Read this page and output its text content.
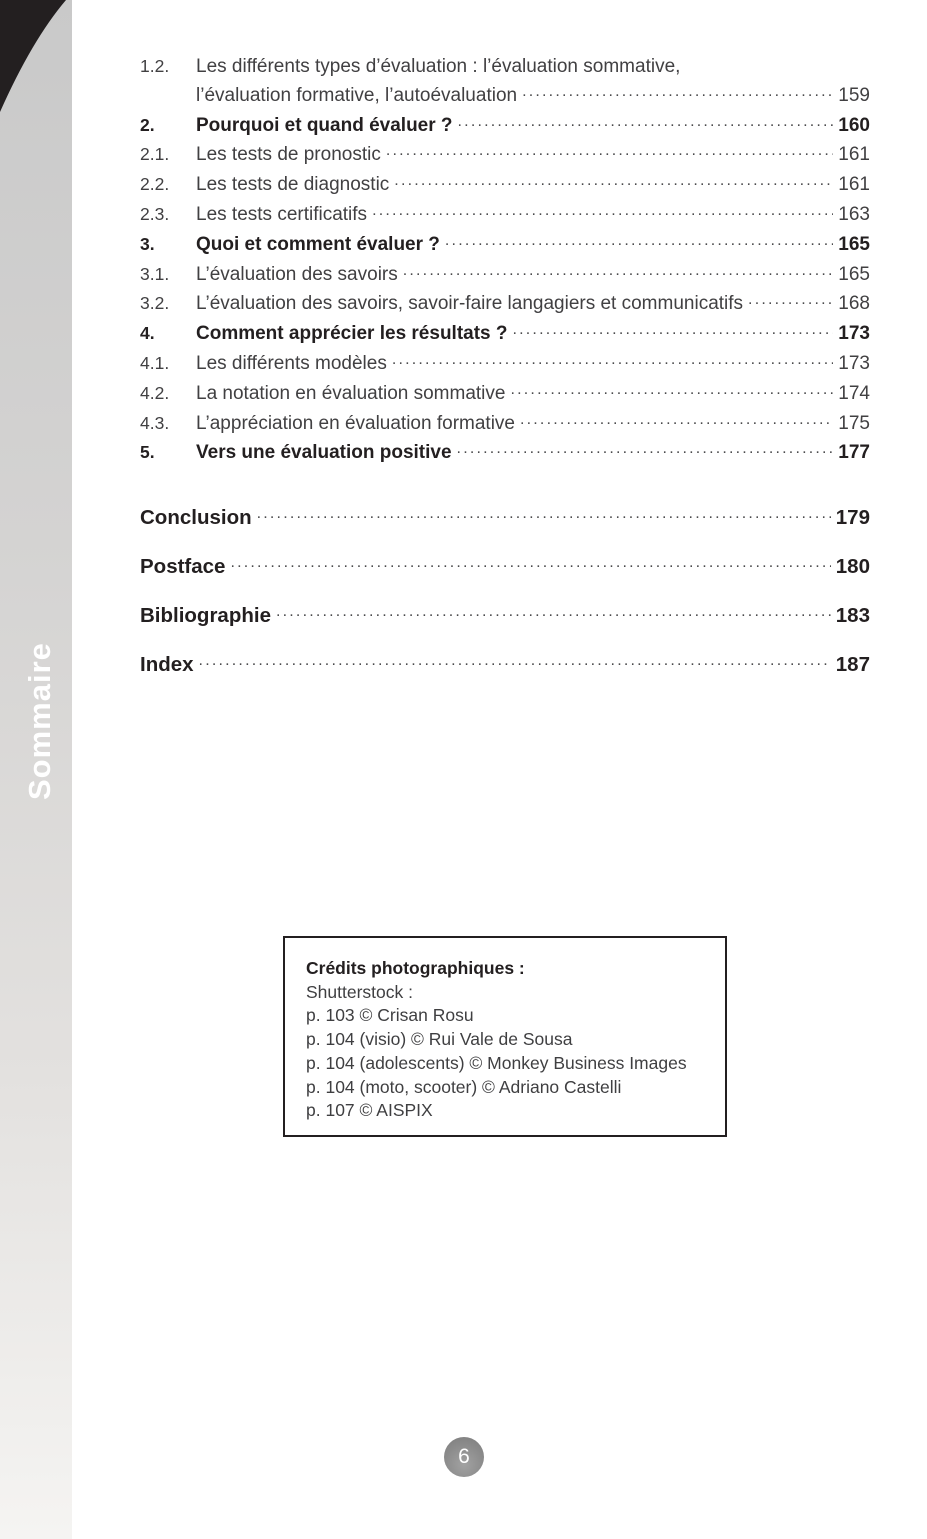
Sommaire
1.2.	Les différents types d’évaluation : l’évaluation sommative,
l’évaluation formative, l’autoévaluation .....	159
2.	Pourquoi et quand évaluer ? .....	160
2.1.	Les tests de pronostic .....	161
2.2.	Les tests de diagnostic .....	161
2.3.	Les tests certificatifs .....	163
3.	Quoi et comment évaluer ? .....	165
3.1.	L’évaluation des savoirs .....	165
3.2.	L’évaluation des savoirs, savoir-faire langagiers et communicatifs .....	168
4.	Comment apprécier les résultats ? .....	173
4.1.	Les différents modèles .....	173
4.2.	La notation en évaluation sommative .....	174
4.3.	L’appréciation en évaluation formative .....	175
5.	Vers une évaluation positive .....	177
Conclusion .....	179
Postface .....	180
Bibliographie .....	183
Index .....	187
Crédits photographiques :
Shutterstock :
p. 103 © Crisan Rosu
p. 104 (visio) © Rui Vale de Sousa
p. 104 (adolescents) © Monkey Business Images
p. 104 (moto, scooter) © Adriano Castelli
p. 107 © AISPIX
6
